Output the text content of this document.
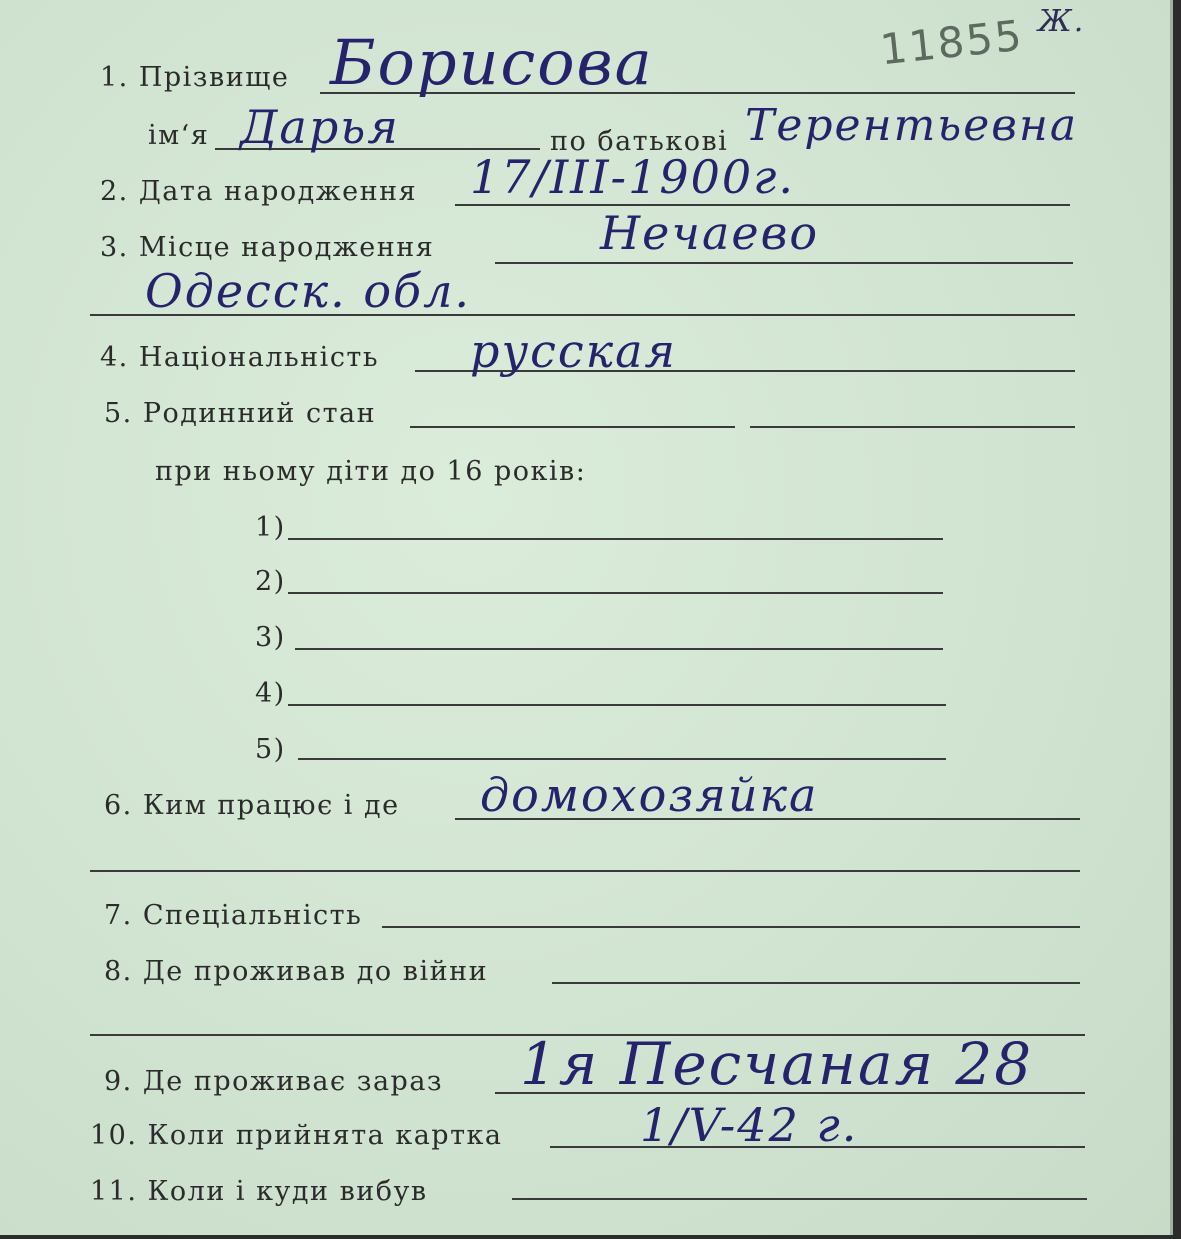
11855 Ж.
1. Прізвище Борисова
ім‘я Дарья	по батькові Терентьевна
2. Дата народження 17/III-1900г.
3. Місце народження	Нечаево
Одесск. обл.
4. Національність русская
5. Родинний стан
при ньому діти до 16 років:
1)
2)
3)
4)
5)
6. Ким працює і де домохозяйка
7. Спеціальність
8. Де проживав до війни
9. Де проживає зараз 1я Песчаная 28
10. Коли прийнята картка	1/V-42 г.
11. Коли і куди вибув
